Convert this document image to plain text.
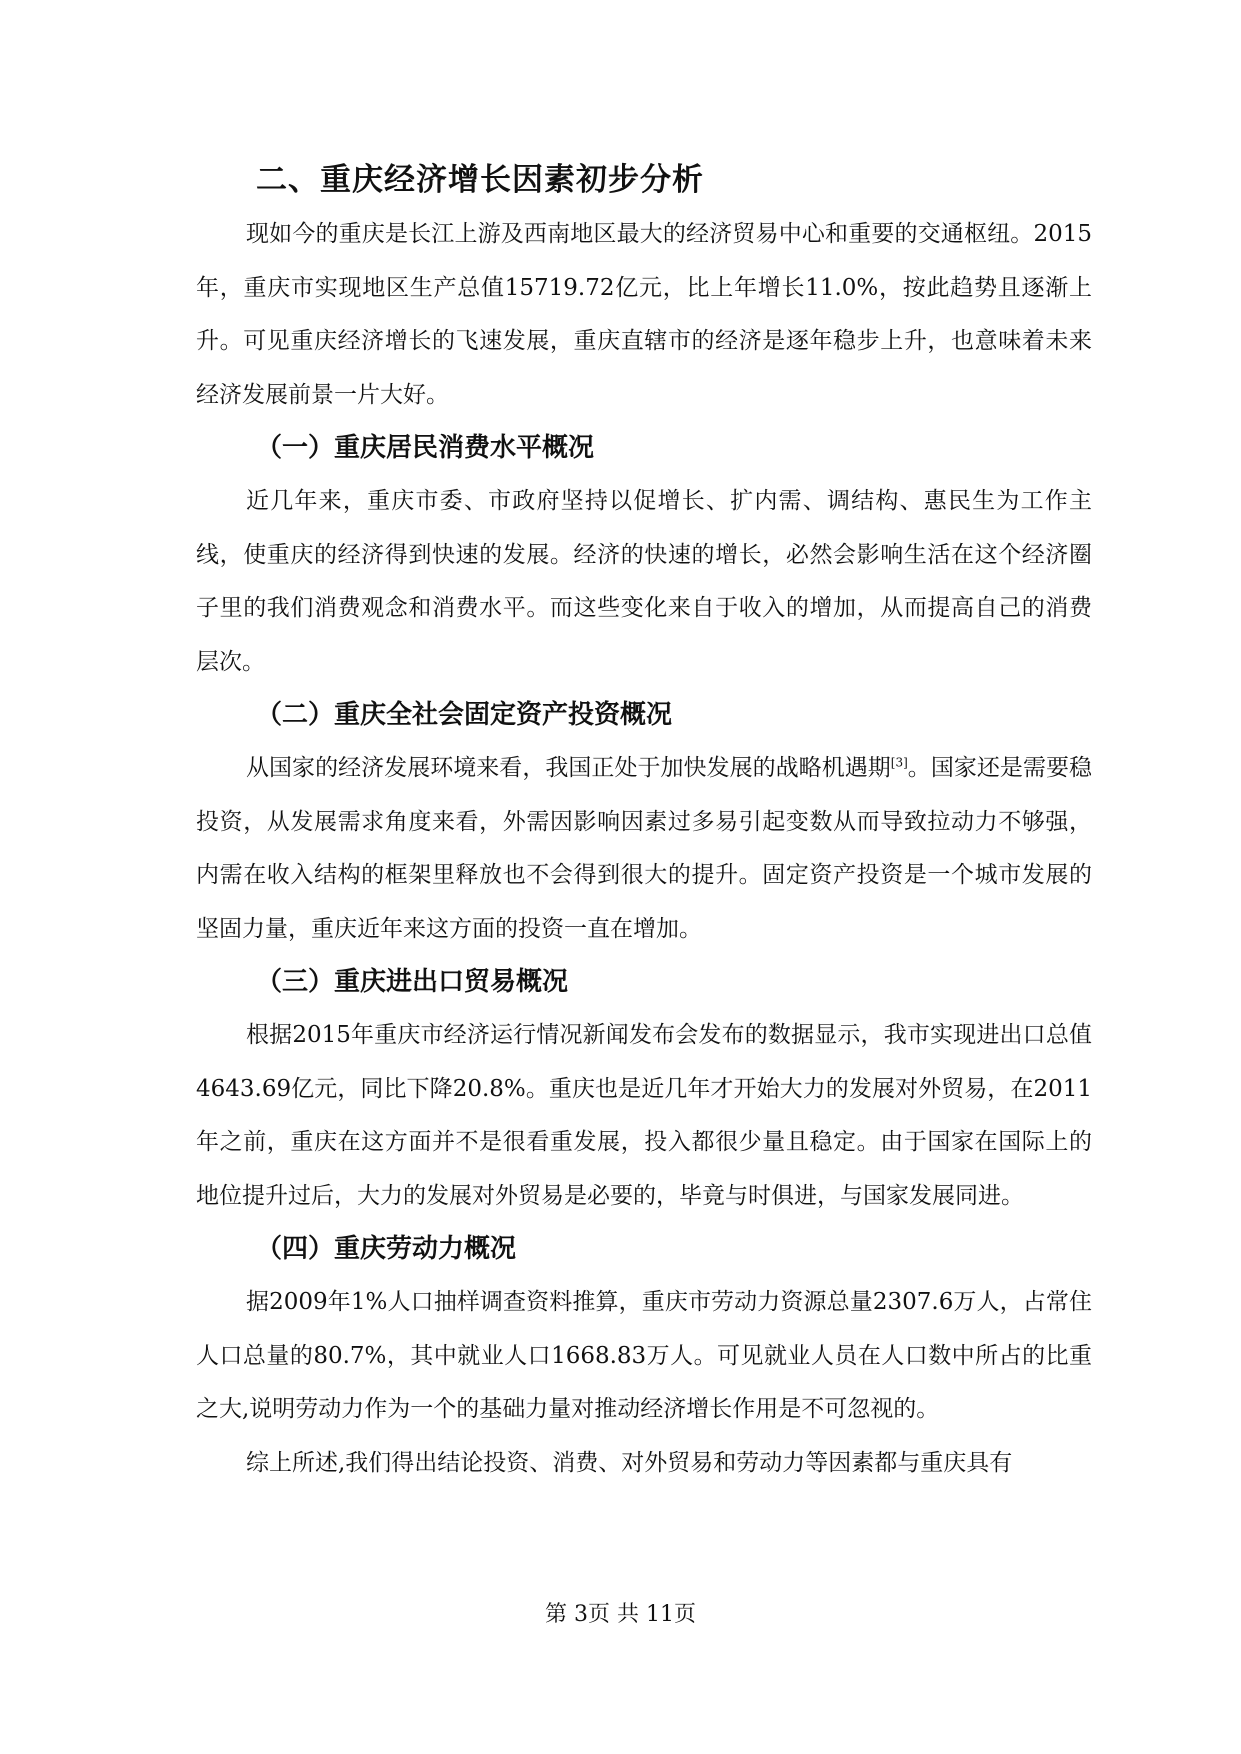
二、重庆经济增长因素初步分析

现如今的重庆是长江上游及西南地区最大的经济贸易中心和重要的交通枢纽。2015年，重庆市实现地区生产总值15719.72亿元，比上年增长11.0%，按此趋势且逐渐上升。可见重庆经济增长的飞速发展，重庆直辖市的经济是逐年稳步上升，也意味着未来经济发展前景一片大好。

（一）重庆居民消费水平概况

近几年来，重庆市委、市政府坚持以促增长、扩内需、调结构、惠民生为工作主线，使重庆的经济得到快速的发展。经济的快速的增长，必然会影响生活在这个经济圈子里的我们消费观念和消费水平。而这些变化来自于收入的增加，从而提高自己的消费层次。

（二）重庆全社会固定资产投资概况

从国家的经济发展环境来看，我国正处于加快发展的战略机遇期[3]。国家还是需要稳投资，从发展需求角度来看，外需因影响因素过多易引起变数从而导致拉动力不够强，内需在收入结构的框架里释放也不会得到很大的提升。固定资产投资是一个城市发展的坚固力量，重庆近年来这方面的投资一直在增加。

（三）重庆进出口贸易概况

根据2015年重庆市经济运行情况新闻发布会发布的数据显示，我市实现进出口总值4643.69亿元，同比下降20.8%。重庆也是近几年才开始大力的发展对外贸易，在2011年之前，重庆在这方面并不是很看重发展，投入都很少量且稳定。由于国家在国际上的地位提升过后，大力的发展对外贸易是必要的，毕竟与时俱进，与国家发展同进。

（四）重庆劳动力概况

据2009年1%人口抽样调查资料推算，重庆市劳动力资源总量2307.6万人，占常住人口总量的80.7%，其中就业人口1668.83万人。可见就业人员在人口数中所占的比重之大,说明劳动力作为一个的基础力量对推动经济增长作用是不可忽视的。

综上所述,我们得出结论投资、消费、对外贸易和劳动力等因素都与重庆具有

第 3页 共 11页
